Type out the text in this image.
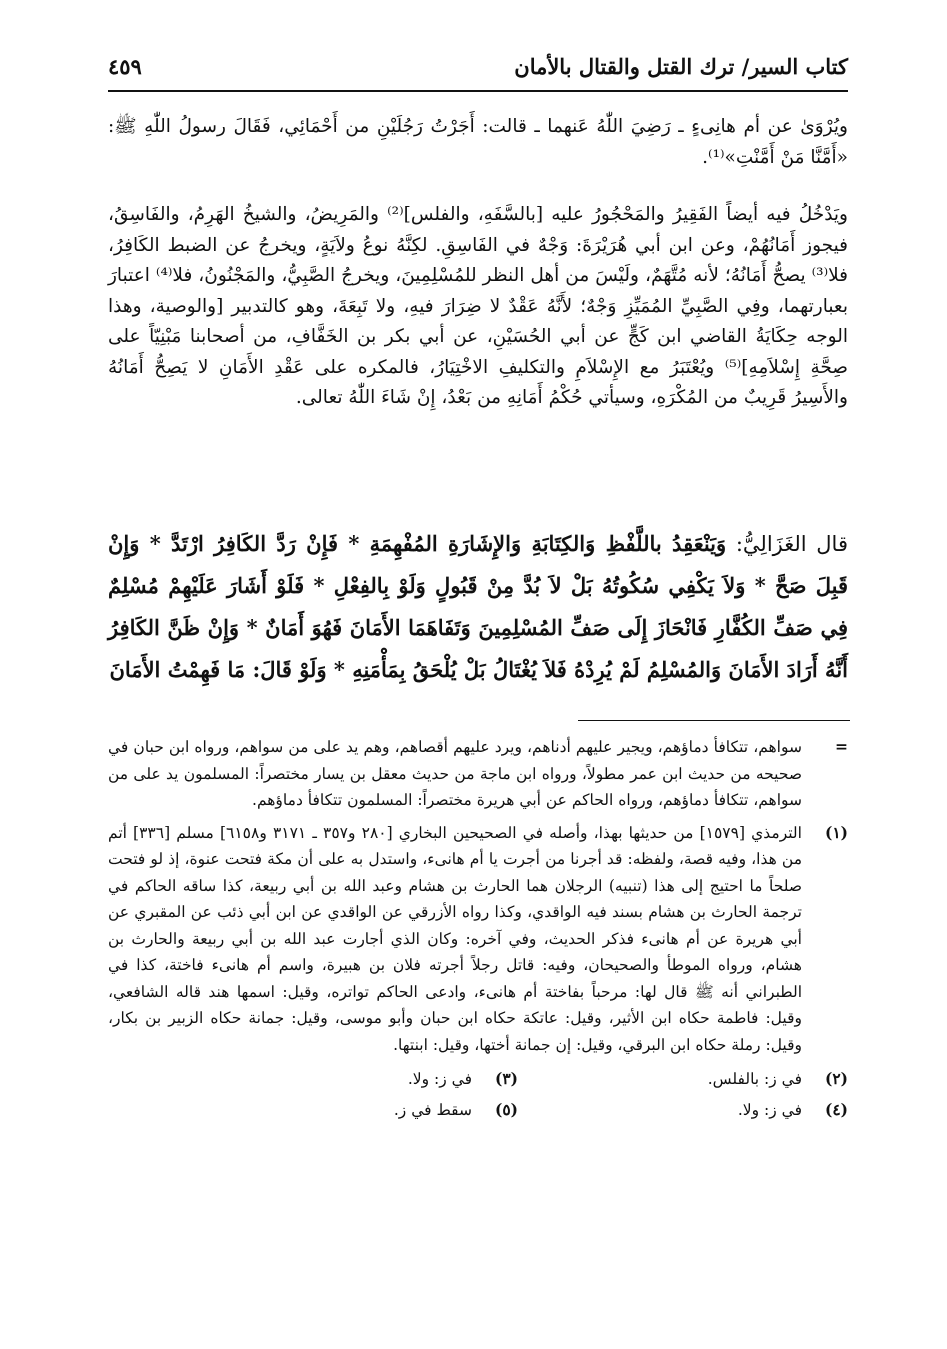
كتاب السير/ ترك القتل والقتال بالأمان
٤٥٩

ويُرْوَىٰ عن أم هانِىءٍ ـ رَضِيَ اللّٰهُ عَنهما ـ قالت: أَجَرْتُ رَجُلَيْنِ من أَحْمَائِي، فَقَالَ رسولُ اللّٰهِ ﷺ: «أَمَّنَّا مَنْ أَمَّنْتِ»⁽¹⁾.

ويَدْخُلُ فيه أيضاً الفَقِيرُ والمَحْجُورُ عليه [بالسَّفَهِ، والفلس]⁽²⁾ والمَرِيضُ، والشيخُ الهَرِمُ، والفَاسِقُ، فيجوز أَمَانُهُمْ، وعن ابن أبي هُرَيْرَةَ: وَجْهٌ في الفَاسِقِ. لكِنَّهُ نوعُ ولاَيَةٍ، ويخرجُ عن الضبط الكَافِرُ، فلا⁽³⁾ يصحُّ أَمَانُهُ؛ لأنه مُتَّهَمٌ، ولَيْسَ من أهل النظر للمُسْلِمِينَ، ويخرجُ الصَّبِيُّ، والمَجْنُونُ، فلا⁽⁴⁾ اعتبارَ بعبارتهما، وفِي الصَّبِيِّ المُمَيِّزِ وَجْهٌ؛ لأَنَّهُ عَقْدٌ لا ضِرَارَ فيهِ، ولا تَبِعَةَ، وهو كالتدبير [والوصية، وهذا الوجه حِكَايَةُ القاضي ابن كَجٍّ عن أبي الحُسَيْنِ، عن أبي بكر بن الخَفَّافِ، من أصحابنا مَبْنِيّاً على صِحَّةِ إِسْلاَمِهِ]⁽⁵⁾ ويُعْتَبَرُ مع الإِسْلاَمِ والتكليفِ الاخْتِيَارُ، فالمكره على عَقْدِ الأَمَانِ لا يَصِحُّ أَمَانُهُ والأَسِيرُ قَرِيبٌ من المُكْرَهِ، وسيأتي حُكْمُ أَمَانِهِ من بَعْدُ، إِنْ شَاءَ اللّٰهُ تعالى.

قال الغَزَالِيُّ: وَيَنْعَقِدُ باللَّفْظِ وَالكِتَابَةِ وَالإِشَارَةِ المُفْهِمَةِ * فَإِنْ رَدَّ الكَافِرُ ارْتَدَّ * وَإِنْ قَبِلَ صَحَّ * وَلاَ يَكْفِي سُكُوتُهُ بَلْ لاَ بُدَّ مِنْ قَبُولٍ وَلَوْ بِالفِعْلِ * فَلَوْ أَشَارَ عَلَيْهِمْ مُسْلِمٌ فِي صَفِّ الكُفَّارِ فَانْحَازَ إِلَى صَفِّ المُسْلِمِينَ وَتَفَاهَمَا الأَمَانَ فَهُوَ أَمَانٌ * وَإِنْ ظَنَّ الكَافِرُ أَنَّهُ أَرَادَ الأَمَانَ وَالمُسْلِمُ لَمْ يُرِدْهُ فَلاَ يُغْتَالُ بَلْ يُلْحَقُ بِمَأْمَنِهِ * وَلَوْ قَالَ: مَا فَهِمْتُ الأَمَانَ

=
سواهم، تتكافأ دماؤهم، ويجير عليهم أدناهم، ويرد عليهم أقصاهم، وهم يد على من سواهم، ورواه ابن حبان في صحيحه من حديث ابن عمر مطولاً، ورواه ابن ماجة من حديث معقل بن يسار مختصراً: المسلمون يد على من سواهم، تتكافأ دماؤهم، ورواه الحاكم عن أبي هريرة مختصراً: المسلمون تتكافأ دماؤهم.
(١)
الترمذي [١٥٧٩] من حديثها بهذا، وأصله في الصحيحين البخاري [٢٨٠ و٣٥٧ ـ ٣١٧١ و٦١٥٨] مسلم [٣٣٦] أتم من هذا، وفيه قصة، ولفظه: قد أجرنا من أجرت يا أم هانىء، واستدل به على أن مكة فتحت عنوة، إذ لو فتحت صلحاً ما احتيج إلى هذا (تنبيه) الرجلان هما الحارث بن هشام وعبد الله بن أبي ربيعة، كذا ساقه الحاكم في ترجمة الحارث بن هشام بسند فيه الواقدي، وكذا رواه الأزرقي عن الواقدي عن ابن أبي ذئب عن المقبري عن أبي هريرة عن أم هانىء فذكر الحديث، وفي آخره: وكان الذي أجارت عبد الله بن أبي ربيعة والحارث بن هشام، ورواه الموطأ والصحيحان، وفيه: قاتل رجلاً أجرته فلان بن هبيرة، واسم أم هانىء فاختة، كذا في الطبراني أنه ﷺ قال لها: مرحباً بفاختة أم هانىء، وادعى الحاكم تواتره، وقيل: اسمها هند قاله الشافعي، وقيل: فاطمة حكاه ابن الأثير، وقيل: عاتكة حكاه ابن حبان وأبو موسى، وقيل: جمانة حكاه الزبير بن بكار، وقيل: رملة حكاه ابن البرقي، وقيل: إن جمانة أختها، وقيل: ابنتها.
(٢)
في ز: بالفلس.
(٣)
في ز: ولا.
(٤)
في ز: ولا.
(٥)
سقط في ز.
